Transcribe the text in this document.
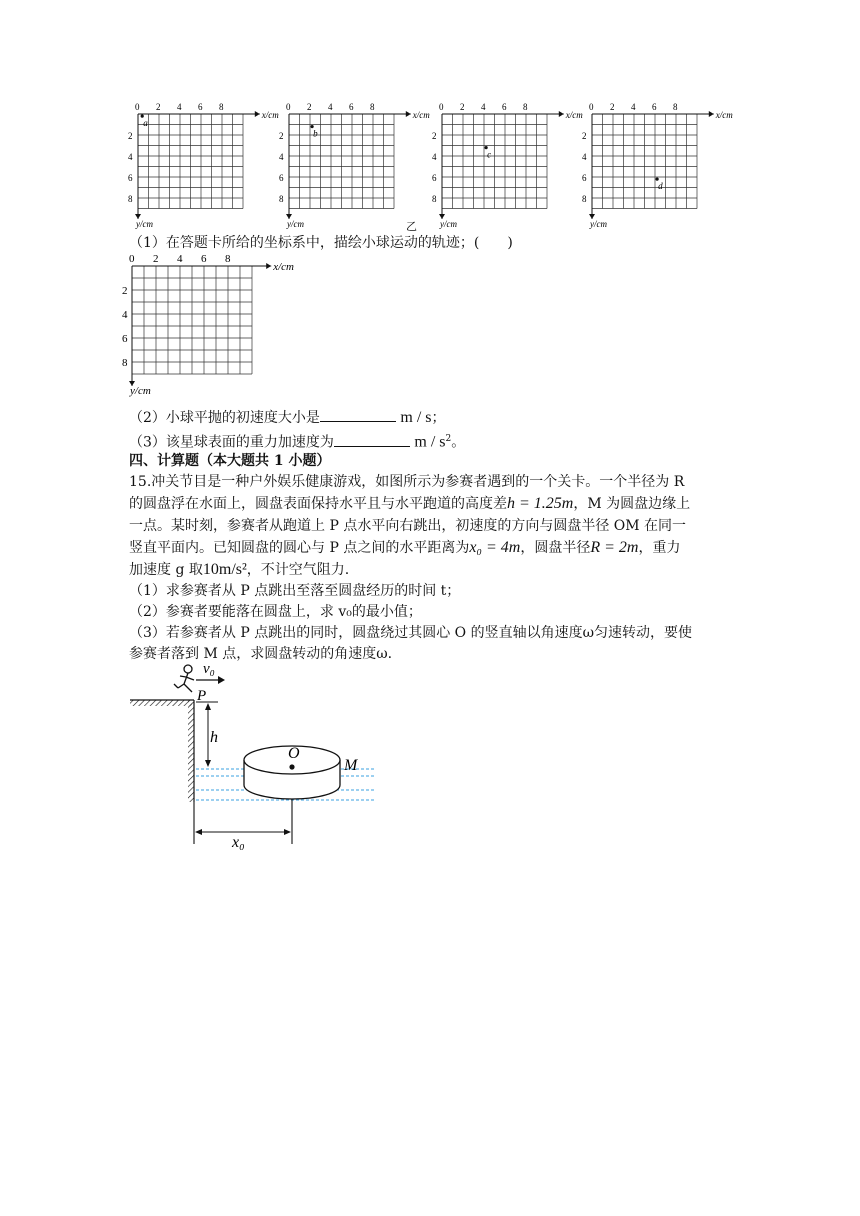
0 2 4 6 8
2
4
6
8
x/cm
y/cm
a
0 2 4 6 8
2
4
6
8
x/cm
y/cm
b
0 2 4 6 8
2
4
6
8
x/cm
y/cm
c
0 2 4 6 8
2
4
6
8
x/cm
y/cm
d
乙
（1）在答题卡所给的坐标系中，描绘小球运动的轨迹；(　　)
0 2 4 6 8
2
4
6
8
x/cm
y/cm
（2）小球平抛的初速度大小是	m / s；
（3）该星球表面的重力加速度为	m / $s^2$。
四、计算题（本大题共 1 小题）
15.冲关节目是一种户外娱乐健康游戏，如图所示为参赛者遇到的一个关卡。一个半径为 R
的圆盘浮在水面上，圆盘表面保持水平且与水平跑道的高度差h = 1.25m，M 为圆盘边缘上
一点。某时刻，参赛者从跑道上 P 点水平向右跳出，初速度的方向与圆盘半径 OM 在同一
竖直平面内。已知圆盘的圆心与 P 点之间的水平距离为x₀ = 4m，圆盘半径R = 2m，重力
加速度 g 取10m/s²，不计空气阻力.
（1）求参赛者从 P 点跳出至落至圆盘经历的时间 t；
（2）参赛者要能落在圆盘上，求 v₀的最小值；
（3）若参赛者从 P 点跳出的同时，圆盘绕过其圆心 O 的竖直轴以角速度ω匀速转动，要使
参赛者落到 M 点，求圆盘转动的角速度ω.
v₀
P
h
O
M
x₀
